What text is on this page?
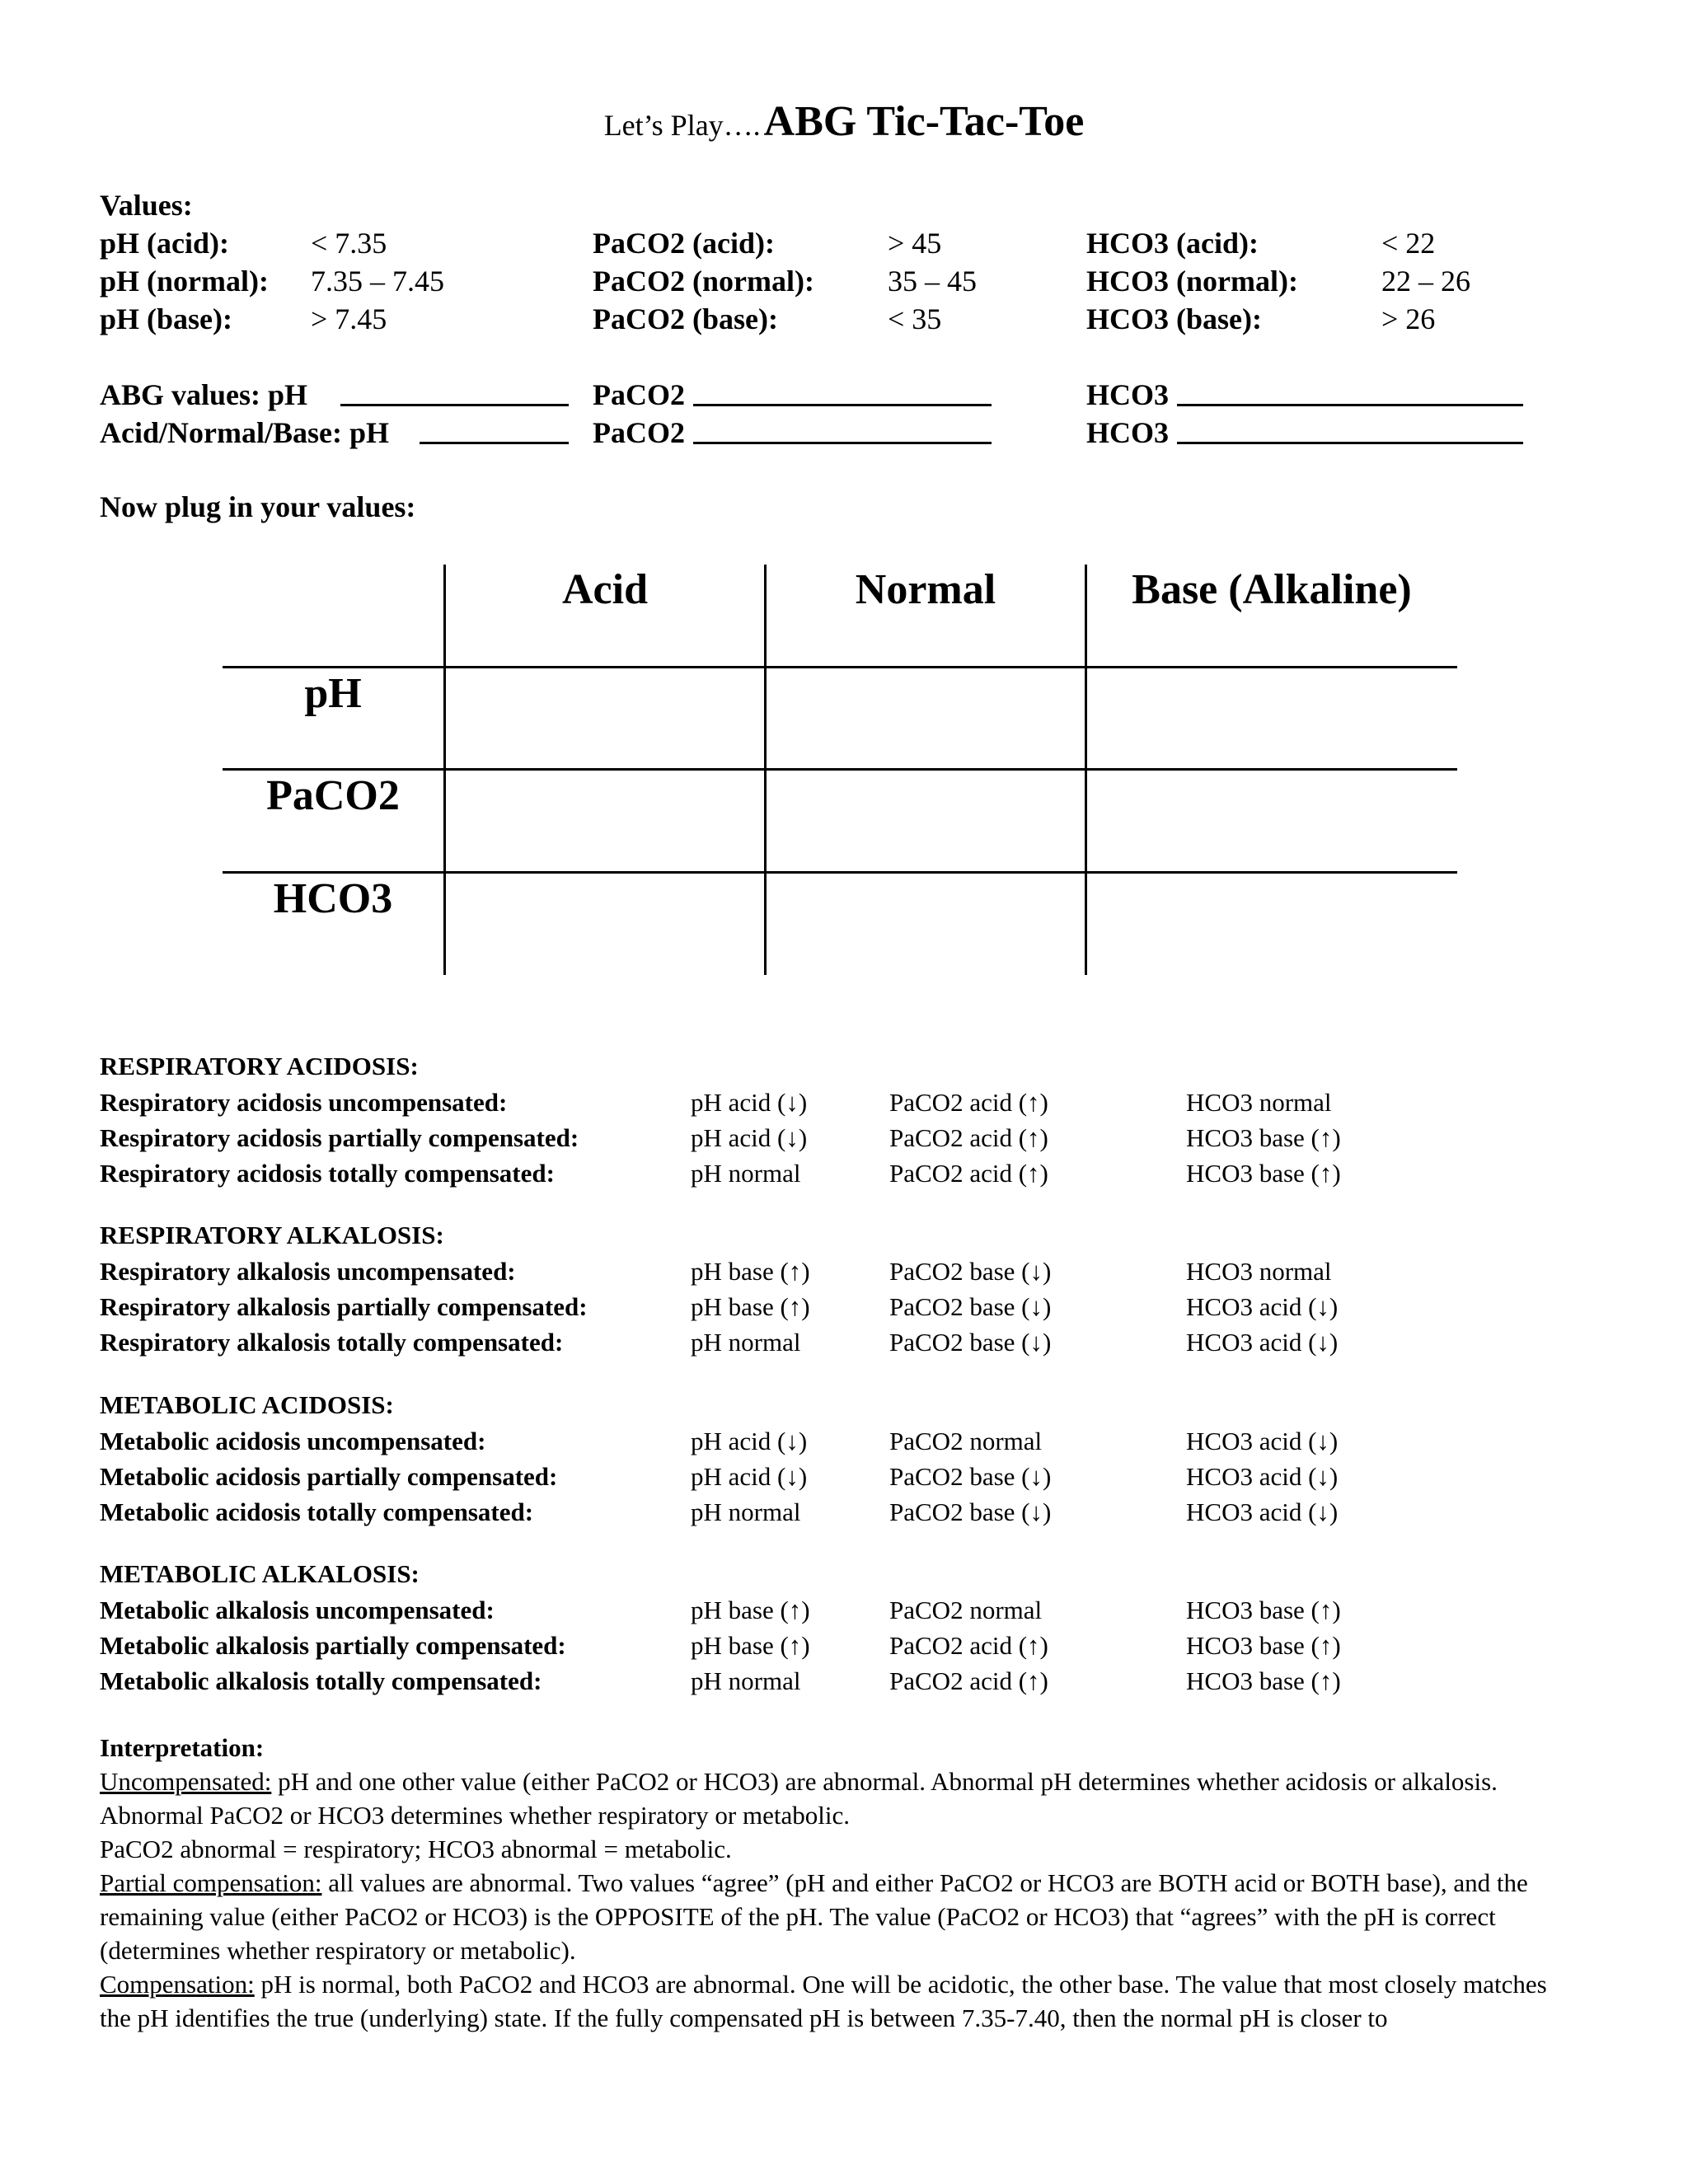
Let’s Play…. ABG Tic-Tac-Toe
Values:
pH (acid):	< 7.35	PaCO2 (acid):	> 45	HCO3 (acid):	< 22
pH (normal): 7.35 – 7.45	PaCO2 (normal): 35 – 45	HCO3 (normal):	22 – 26
pH (base):	> 7.45	PaCO2 (base):	< 35	HCO3 (base):	> 26
ABG values: pH	PaCO2	HCO3
Acid/Normal/Base: pH	PaCO2	HCO3
Now plug in your values:
Acid	Normal	Base (Alkaline)
pH
PaCO2
HCO3
RESPIRATORY ACIDOSIS:
Respiratory acidosis uncompensated:	pH acid (↓)	PaCO2 acid (↑)	HCO3 normal
Respiratory acidosis partially compensated:	pH acid (↓)	PaCO2 acid (↑)	HCO3 base (↑)
Respiratory acidosis totally compensated:	pH normal	PaCO2 acid (↑)	HCO3 base (↑)
RESPIRATORY ALKALOSIS:
Respiratory alkalosis uncompensated:	pH base (↑)	PaCO2 base (↓)	HCO3 normal
Respiratory alkalosis partially compensated:	pH base (↑)	PaCO2 base (↓)	HCO3 acid (↓)
Respiratory alkalosis totally compensated:	pH normal	PaCO2 base (↓)	HCO3 acid (↓)
METABOLIC ACIDOSIS:
Metabolic acidosis uncompensated:	pH acid (↓)	PaCO2 normal	HCO3 acid (↓)
Metabolic acidosis partially compensated:	pH acid (↓)	PaCO2 base (↓)	HCO3 acid (↓)
Metabolic acidosis totally compensated:	pH normal	PaCO2 base (↓)	HCO3 acid (↓)
METABOLIC ALKALOSIS:
Metabolic alkalosis uncompensated:	pH base (↑)	PaCO2 normal	HCO3 base (↑)
Metabolic alkalosis partially compensated:	pH base (↑)	PaCO2 acid (↑)	HCO3 base (↑)
Metabolic alkalosis totally compensated:	pH normal	PaCO2 acid (↑)	HCO3 base (↑)

Interpretation:

Uncompensated: pH and one other value (either PaCO2 or HCO3) are abnormal. Abnormal pH determines whether acidosis or alkalosis. Abnormal PaCO2 or HCO3 determines whether respiratory or metabolic.

PaCO2 abnormal = respiratory; HCO3 abnormal = metabolic.

Partial compensation: all values are abnormal. Two values “agree” (pH and either PaCO2 or HCO3 are BOTH acid or BOTH base), and the remaining value (either PaCO2 or HCO3) is the OPPOSITE of the pH. The value (PaCO2 or HCO3) that “agrees” with the pH is correct (determines whether respiratory or metabolic).

Compensation: pH is normal, both PaCO2 and HCO3 are abnormal. One will be acidotic, the other base. The value that most closely matches the pH identifies the true (underlying) state. If the fully compensated pH is between 7.35-7.40, then the normal pH is closer to
